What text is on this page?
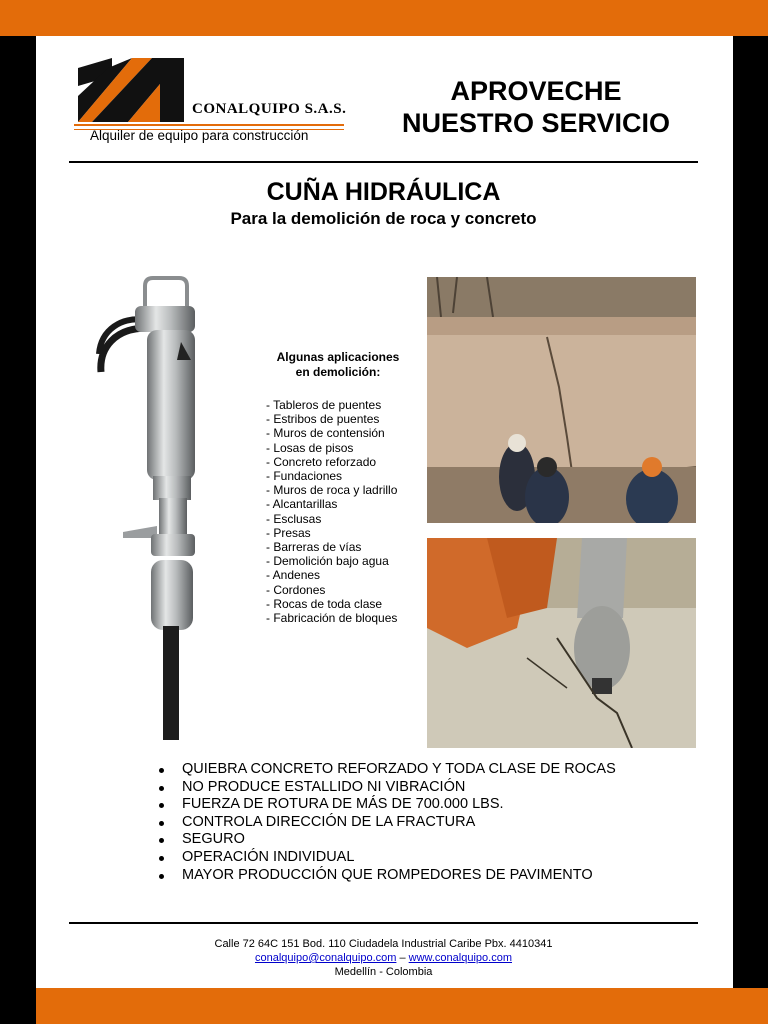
CONALQUIPO S.A.S.
Alquiler de equipo para construcción
APROVECHE
NUESTRO SERVICIO
CUÑA HIDRÁULICA
Para la demolición de roca y concreto
Algunas aplicaciones
en demolición:
- Tableros de puentes
- Estribos de puentes
- Muros de contensión
- Losas de pisos
- Concreto reforzado
- Fundaciones
- Muros de roca y ladrillo
- Alcantarillas
- Esclusas
- Presas
- Barreras de vías
- Demolición bajo agua
- Andenes
- Cordones
- Rocas de toda clase
- Fabricación de bloques
QUIEBRA CONCRETO REFORZADO Y TODA CLASE DE ROCAS
NO PRODUCE ESTALLIDO NI VIBRACIÓN
FUERZA DE ROTURA DE MÁS DE 700.000 LBS.
CONTROLA DIRECCIÓN DE LA FRACTURA
SEGURO
OPERACIÓN INDIVIDUAL
MAYOR PRODUCCIÓN QUE ROMPEDORES DE PAVIMENTO
Calle 72 64C 151 Bod. 110 Ciudadela Industrial Caribe Pbx. 4410341
conalquipo@conalquipo.com – www.conalquipo.com
Medellín - Colombia
